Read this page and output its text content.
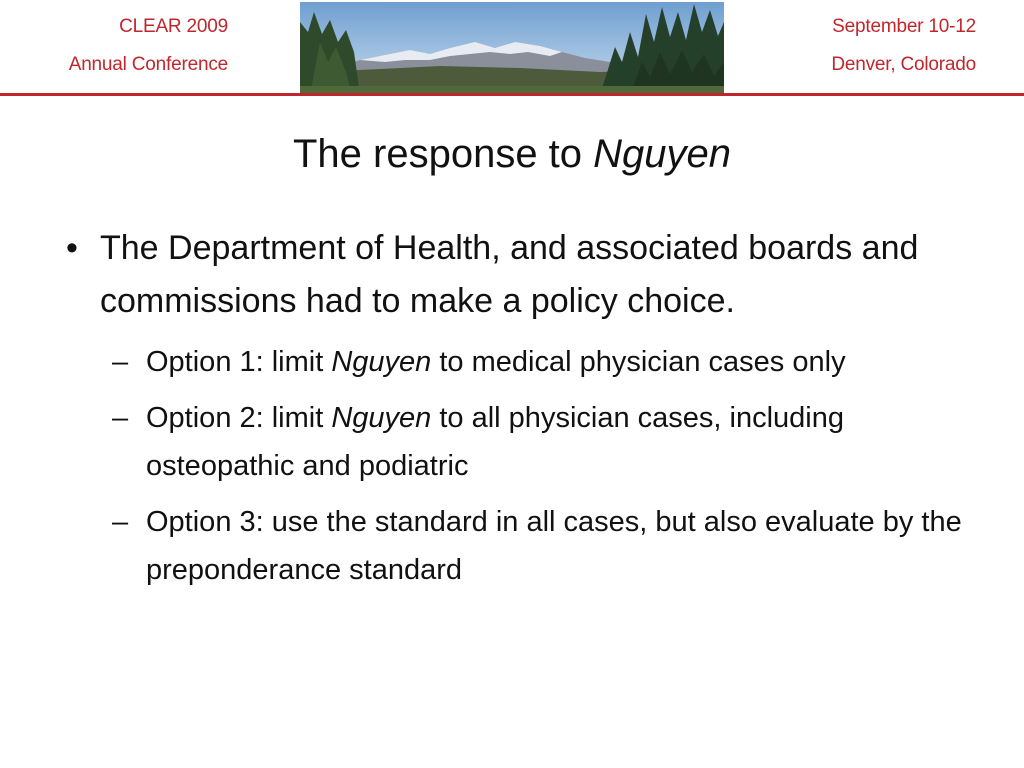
CLEAR 2009
Annual Conference
September 10-12
Denver, Colorado
The response to Nguyen
• The Department of Health, and associated boards and commissions had to make a policy choice.
– Option 1: limit Nguyen to medical physician cases only
– Option 2: limit Nguyen to all physician cases, including osteopathic and podiatric
– Option 3: use the standard in all cases, but also evaluate by the preponderance standard
